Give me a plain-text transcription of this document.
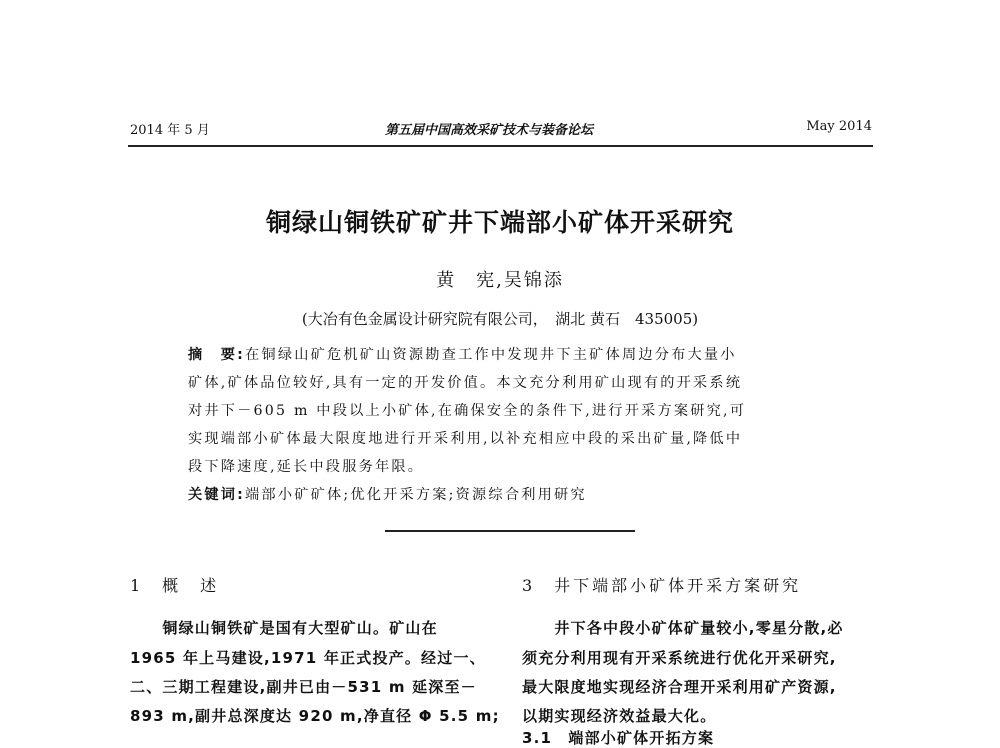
2014 年 5 月	第五届中国高效采矿技术与装备论坛	May 2014
铜绿山铜铁矿矿井下端部小矿体开采研究
黄　宪,吴锦添
(大冶有色金属设计研究院有限公司，　湖北 黄石　435005)
摘　要:在铜绿山矿危机矿山资源勘查工作中发现井下主矿体周边分布大量小
矿体,矿体品位较好,具有一定的开发价值。本文充分利用矿山现有的开采系统
对井下－605 m 中段以上小矿体,在确保安全的条件下,进行开采方案研究,可
实现端部小矿体最大限度地进行开采利用,以补充相应中段的采出矿量,降低中
段下降速度,延长中段服务年限。
关键词:端部小矿矿体;优化开采方案;资源综合利用研究
1　概　述
　　铜绿山铜铁矿是国有大型矿山。矿山在
1965 年上马建设,1971 年正式投产。经过一、
二、三期工程建设,副井已由－531 m 延深至－
893 m,副井总深度达 920 m,净直径 Φ 5.5 m;
3　井下端部小矿体开采方案研究
　　井下各中段小矿体矿量较小,零星分散,必
须充分利用现有开采系统进行优化开采研究,
最大限度地实现经济合理开采利用矿产资源,
以期实现经济效益最大化。
3.1　端部小矿体开拓方案
